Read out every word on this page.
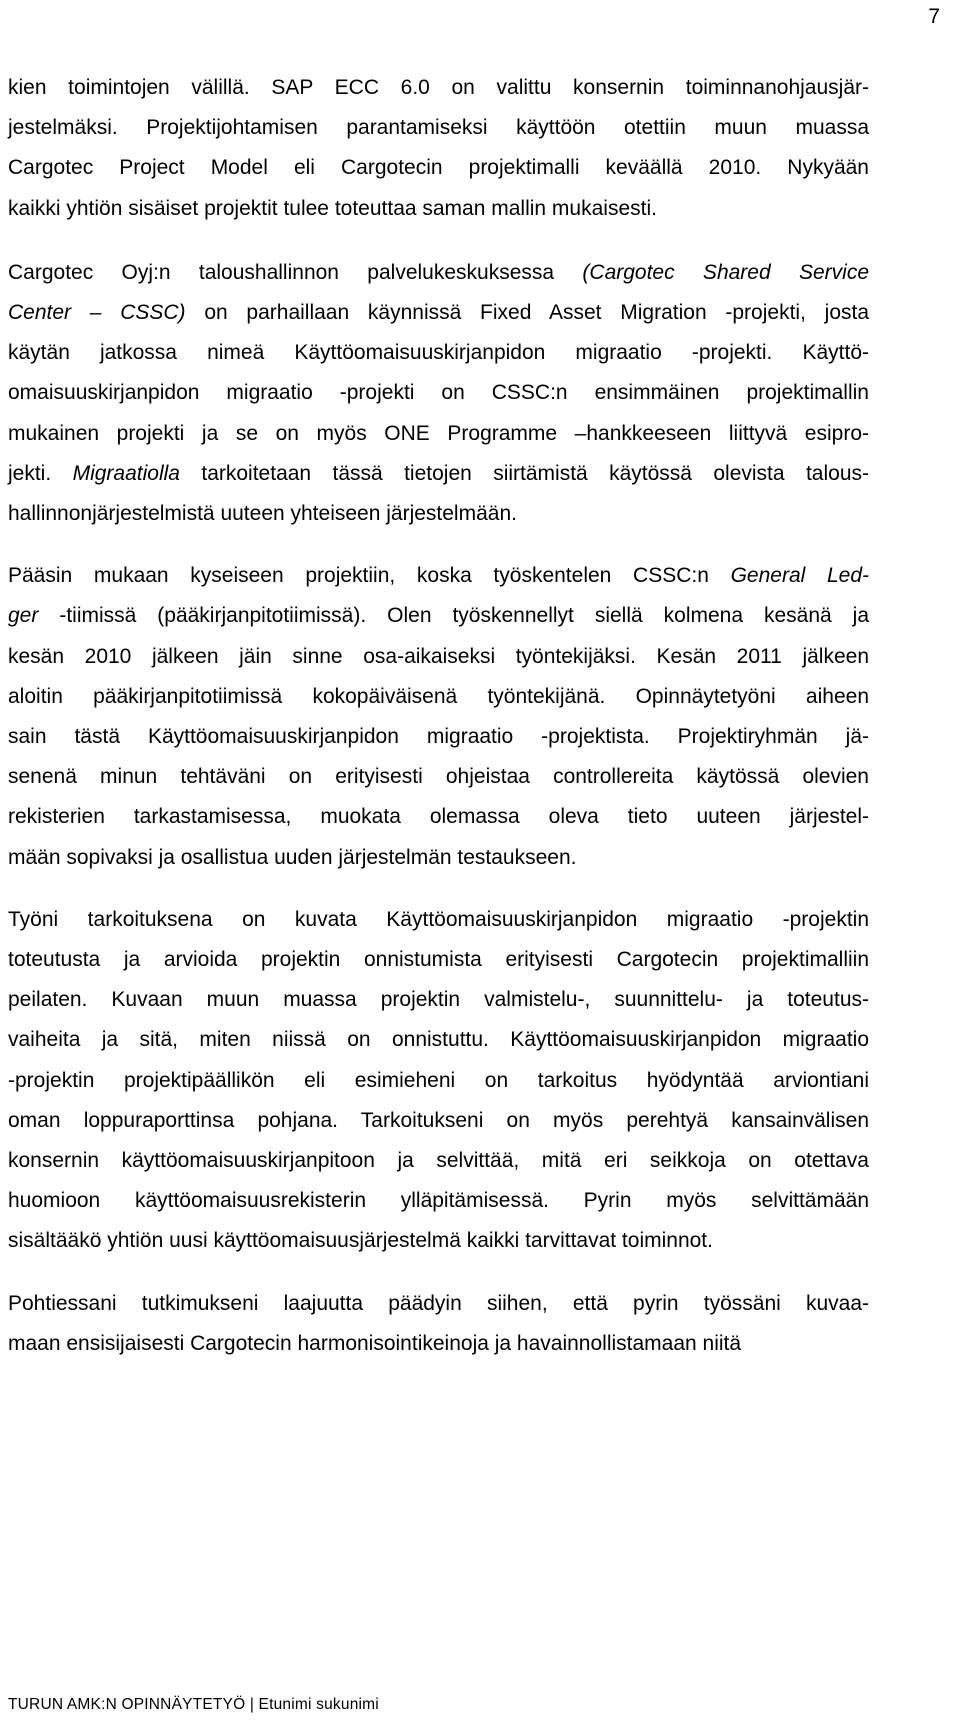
7

kien toimintojen välillä. SAP ECC 6.0 on valittu konsernin toiminnanohjausjär-
jestelmäksi. Projektijohtamisen parantamiseksi käyttöön otettiin muun muassa
Cargotec Project Model eli Cargotecin projektimalli keväällä 2010. Nykyään
kaikki yhtiön sisäiset projektit tulee toteuttaa saman mallin mukaisesti.

Cargotec Oyj:n taloushallinnon palvelukeskuksessa (Cargotec Shared Service
Center – CSSC) on parhaillaan käynnissä Fixed Asset Migration -projekti, josta
käytän jatkossa nimeä Käyttöomaisuuskirjanpidon migraatio -projekti. Käyttö-
omaisuuskirjanpidon migraatio -projekti on CSSC:n ensimmäinen projektimallin
mukainen projekti ja se on myös ONE Programme –hankkeeseen liittyvä esipro-
jekti. Migraatiolla tarkoitetaan tässä tietojen siirtämistä käytössä olevista talous-
hallinnonjärjestelmistä uuteen yhteiseen järjestelmään.

Pääsin mukaan kyseiseen projektiin, koska työskentelen CSSC:n General Led-
ger -tiimissä (pääkirjanpitotiimissä). Olen työskennellyt siellä kolmena kesänä ja
kesän 2010 jälkeen jäin sinne osa-aikaiseksi työntekijäksi. Kesän 2011 jälkeen
aloitin pääkirjanpitotiimissä kokopäiväisenä työntekijänä. Opinnäytetyöni aiheen
sain tästä Käyttöomaisuuskirjanpidon migraatio -projektista. Projektiryhmän jä-
senenä minun tehtäväni on erityisesti ohjeistaa controllereita käytössä olevien
rekisterien tarkastamisessa, muokata olemassa oleva tieto uuteen järjestel-
mään sopivaksi ja osallistua uuden järjestelmän testaukseen.

Työni tarkoituksena on kuvata Käyttöomaisuuskirjanpidon migraatio -projektin
toteutusta ja arvioida projektin onnistumista erityisesti Cargotecin projektimalliin
peilaten. Kuvaan muun muassa projektin valmistelu-, suunnittelu- ja toteutus-
vaiheita ja sitä, miten niissä on onnistuttu. Käyttöomaisuuskirjanpidon migraatio
-projektin projektipäällikön eli esimieheni on tarkoitus hyödyntää arviontiani
oman loppuraporttinsa pohjana. Tarkoitukseni on myös perehtyä kansainvälisen
konsernin käyttöomaisuuskirjanpitoon ja selvittää, mitä eri seikkoja on otettava
huomioon käyttöomaisuusrekisterin ylläpitämisessä. Pyrin myös selvittämään
sisältääkö yhtiön uusi käyttöomaisuusjärjestelmä kaikki tarvittavat toiminnot.

Pohtiessani tutkimukseni laajuutta päädyin siihen, että pyrin työssäni kuvaa-
maan ensisijaisesti Cargotecin harmonisointikeinoja ja havainnollistamaan niitä

TURUN AMK:N OPINNÄYTETYÖ | Etunimi sukunimi
